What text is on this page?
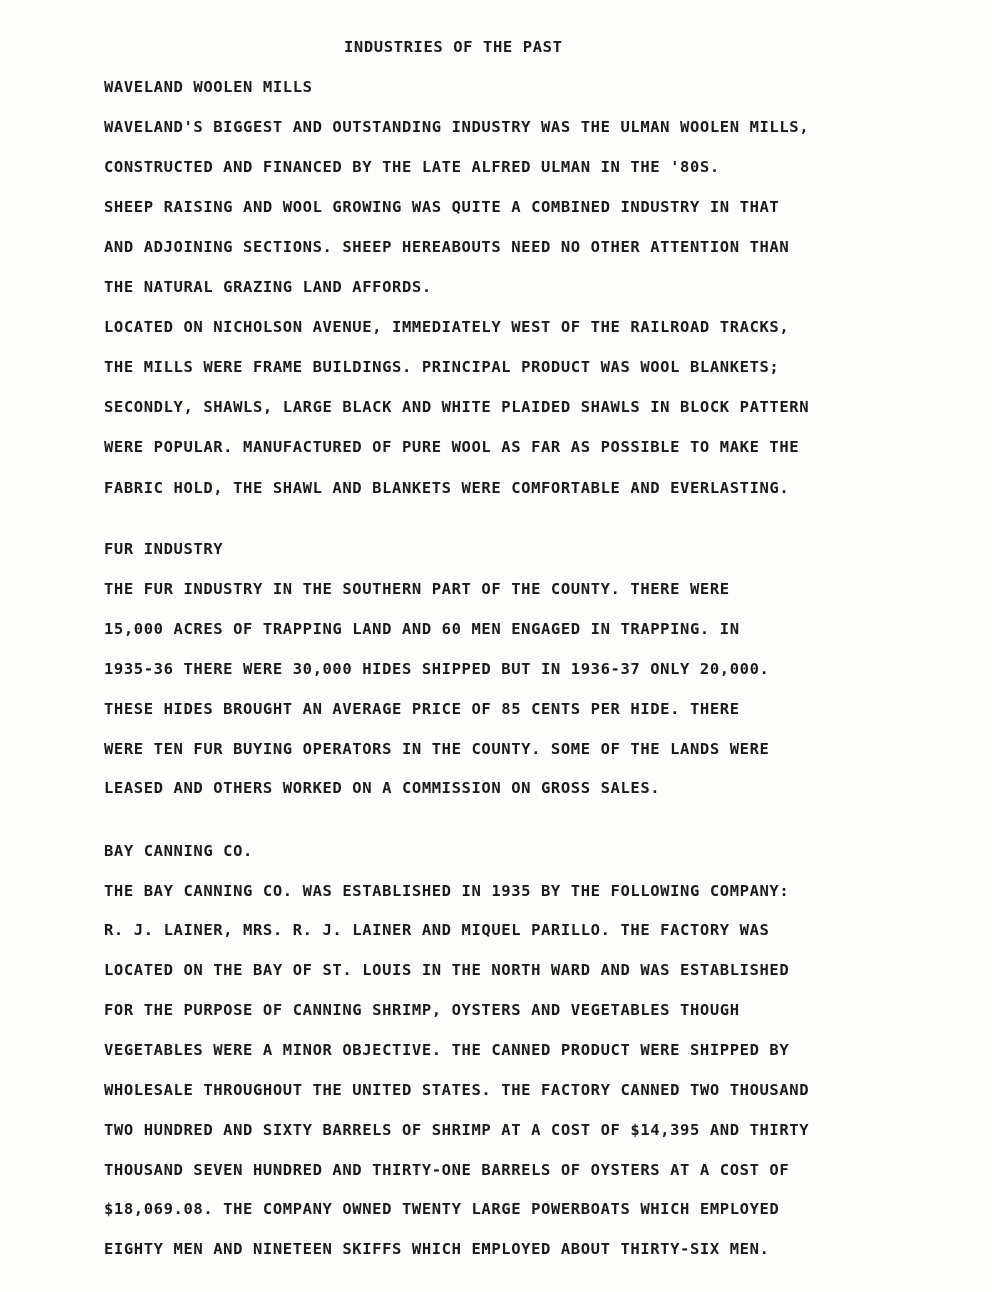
INDUSTRIES OF THE PAST
WAVELAND WOOLEN MILLS
WAVELAND'S BIGGEST AND OUTSTANDING INDUSTRY WAS THE ULMAN WOOLEN MILLS,
CONSTRUCTED AND FINANCED BY THE LATE ALFRED ULMAN IN THE '80S.
SHEEP RAISING AND WOOL GROWING WAS QUITE A COMBINED INDUSTRY IN THAT
AND ADJOINING SECTIONS. SHEEP HEREABOUTS NEED NO OTHER ATTENTION THAN
THE NATURAL GRAZING LAND AFFORDS.
LOCATED ON NICHOLSON AVENUE, IMMEDIATELY WEST OF THE RAILROAD TRACKS,
THE MILLS WERE FRAME BUILDINGS. PRINCIPAL PRODUCT WAS WOOL BLANKETS;
SECONDLY, SHAWLS, LARGE BLACK AND WHITE PLAIDED SHAWLS IN BLOCK PATTERN
WERE POPULAR. MANUFACTURED OF PURE WOOL AS FAR AS POSSIBLE TO MAKE THE
FABRIC HOLD, THE SHAWL AND BLANKETS WERE COMFORTABLE AND EVERLASTING.
FUR INDUSTRY
THE FUR INDUSTRY IN THE SOUTHERN PART OF THE COUNTY. THERE WERE
15,000 ACRES OF TRAPPING LAND AND 60 MEN ENGAGED IN TRAPPING. IN
1935-36 THERE WERE 30,000 HIDES SHIPPED BUT IN 1936-37 ONLY 20,000.
THESE HIDES BROUGHT AN AVERAGE PRICE OF 85 CENTS PER HIDE. THERE
WERE TEN FUR BUYING OPERATORS IN THE COUNTY. SOME OF THE LANDS WERE
LEASED AND OTHERS WORKED ON A COMMISSION ON GROSS SALES.
BAY CANNING CO.
THE BAY CANNING CO. WAS ESTABLISHED IN 1935 BY THE FOLLOWING COMPANY:
R. J. LAINER, MRS. R. J. LAINER AND MIQUEL PARILLO. THE FACTORY WAS
LOCATED ON THE BAY OF ST. LOUIS IN THE NORTH WARD AND WAS ESTABLISHED
FOR THE PURPOSE OF CANNING SHRIMP, OYSTERS AND VEGETABLES THOUGH
VEGETABLES WERE A MINOR OBJECTIVE. THE CANNED PRODUCT WERE SHIPPED BY
WHOLESALE THROUGHOUT THE UNITED STATES. THE FACTORY CANNED TWO THOUSAND
TWO HUNDRED AND SIXTY BARRELS OF SHRIMP AT A COST OF $14,395 AND THIRTY
THOUSAND SEVEN HUNDRED AND THIRTY-ONE BARRELS OF OYSTERS AT A COST OF
$18,069.08. THE COMPANY OWNED TWENTY LARGE POWERBOATS WHICH EMPLOYED
EIGHTY MEN AND NINETEEN SKIFFS WHICH EMPLOYED ABOUT THIRTY-SIX MEN.
